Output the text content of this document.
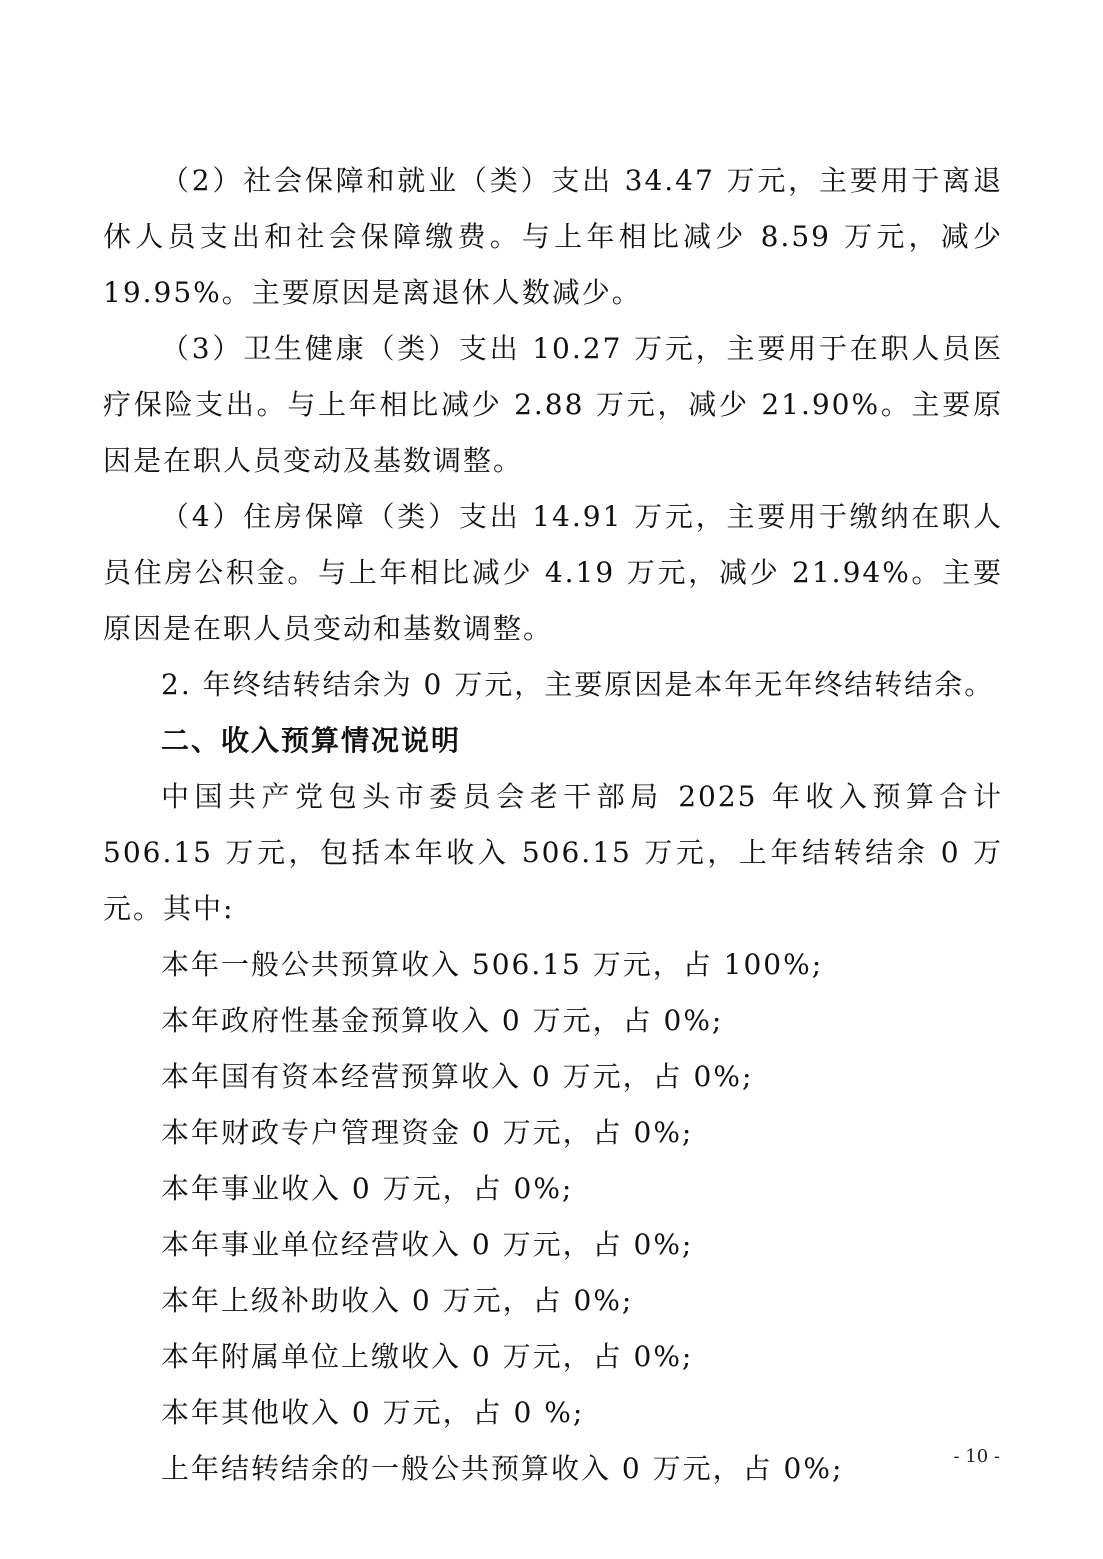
（2）社会保障和就业（类）支出 34.47 万元，主要用于离退休人员支出和社会保障缴费。与上年相比减少 8.59 万元，减少 19.95%。主要原因是离退休人数减少。

（3）卫生健康（类）支出 10.27 万元，主要用于在职人员医疗保险支出。与上年相比减少 2.88 万元，减少 21.90%。主要原因是在职人员变动及基数调整。

（4）住房保障（类）支出 14.91 万元，主要用于缴纳在职人员住房公积金。与上年相比减少 4.19 万元，减少 21.94%。主要原因是在职人员变动和基数调整。

2. 年终结转结余为 0 万元，主要原因是本年无年终结转结余。

二、收入预算情况说明

中国共产党包头市委员会老干部局 2025 年收入预算合计 506.15 万元，包括本年收入 506.15 万元，上年结转结余 0 万元。其中:

本年一般公共预算收入 506.15 万元，占 100%;

本年政府性基金预算收入 0 万元，占 0%;

本年国有资本经营预算收入 0 万元，占 0%;

本年财政专户管理资金 0 万元，占 0%;

本年事业收入 0 万元，占 0%;

本年事业单位经营收入 0 万元，占 0%;

本年上级补助收入 0 万元，占 0%;

本年附属单位上缴收入 0 万元，占 0%;

本年其他收入 0 万元，占 0 %;

上年结转结余的一般公共预算收入 0 万元，占 0%;	- 10 -
